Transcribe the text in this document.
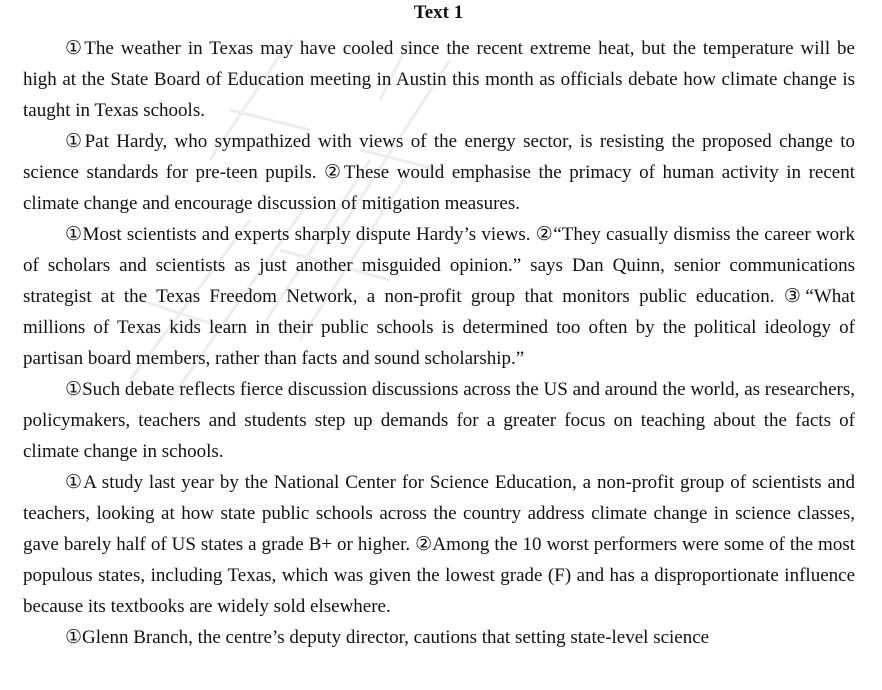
Text 1

①The weather in Texas may have cooled since the recent extreme heat, but the temperature will be high at the State Board of Education meeting in Austin this month as officials debate how climate change is taught in Texas schools.

①Pat Hardy, who sympathized with views of the energy sector, is resisting the proposed change to science standards for pre-teen pupils. ②These would emphasise the primacy of human activity in recent climate change and encourage discussion of mitigation measures.

①Most scientists and experts sharply dispute Hardy’s views. ②“They casually dismiss the career work of scholars and scientists as just another misguided opinion.” says Dan Quinn, senior communications strategist at the Texas Freedom Network, a non-profit group that monitors public education. ③“What millions of Texas kids learn in their public schools is determined too often by the political ideology of partisan board members, rather than facts and sound scholarship.”

①Such debate reflects fierce discussion discussions across the US and around the world, as researchers, policymakers, teachers and students step up demands for a greater focus on teaching about the facts of climate change in schools.

①A study last year by the National Center for Science Education, a non-profit group of scientists and teachers, looking at how state public schools across the country address climate change in science classes, gave barely half of US states a grade B+ or higher. ②Among the 10 worst performers were some of the most populous states, including Texas, which was given the lowest grade (F) and has a disproportionate influence because its textbooks are widely sold elsewhere.

①Glenn Branch, the centre’s deputy director, cautions that setting state-level science
